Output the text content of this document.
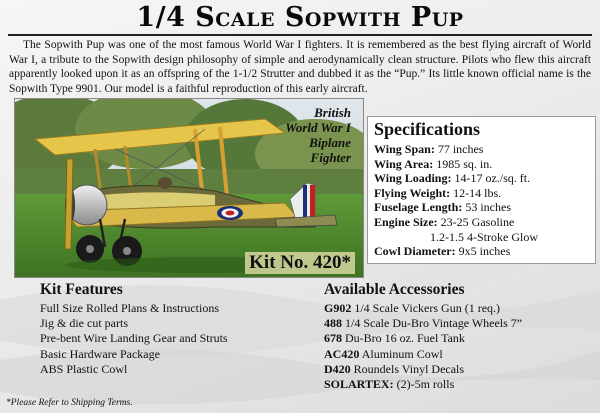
1/4 Scale Sopwith Pup

The Sopwith Pup was one of the most famous World War I fighters. It is remembered as the best flying aircraft of World War I, a tribute to the Sopwith design philosophy of simple and aerodynamically clean structure. Pilots who flew this aircraft apparently looked upon it as an offspring of the 1-1/2 Strutter and dubbed it as the “Pup.” Its little known official name is the Sopwith Type 9901. Our model is a faithful reproduction of this early aircraft.

British
World War I
Biplane
Fighter
Kit No. 420*
Specifications
Wing Span: 77 inches
Wing Area: 1985 sq. in.
Wing Loading: 14-17 oz./sq. ft.
Flying Weight: 12-14 lbs.
Fuselage Length: 53 inches
Engine Size: 23-25 Gasoline
1.2-1.5 4-Stroke Glow
Cowl Diameter: 9x5 inches
Kit Features
Full Size Rolled Plans & Instructions
Jig & die cut parts
Pre-bent Wire Landing Gear and Struts
Basic Hardware Package
ABS Plastic Cowl
Available Accessories
G902 1/4 Scale Vickers Gun (1 req.)
488 1/4 Scale Du-Bro Vintage Wheels 7”
678 Du-Bro 16 oz. Fuel Tank
AC420 Aluminum Cowl
D420 Roundels Vinyl Decals
SOLARTEX: (2)-5m rolls
*Please Refer to Shipping Terms.
